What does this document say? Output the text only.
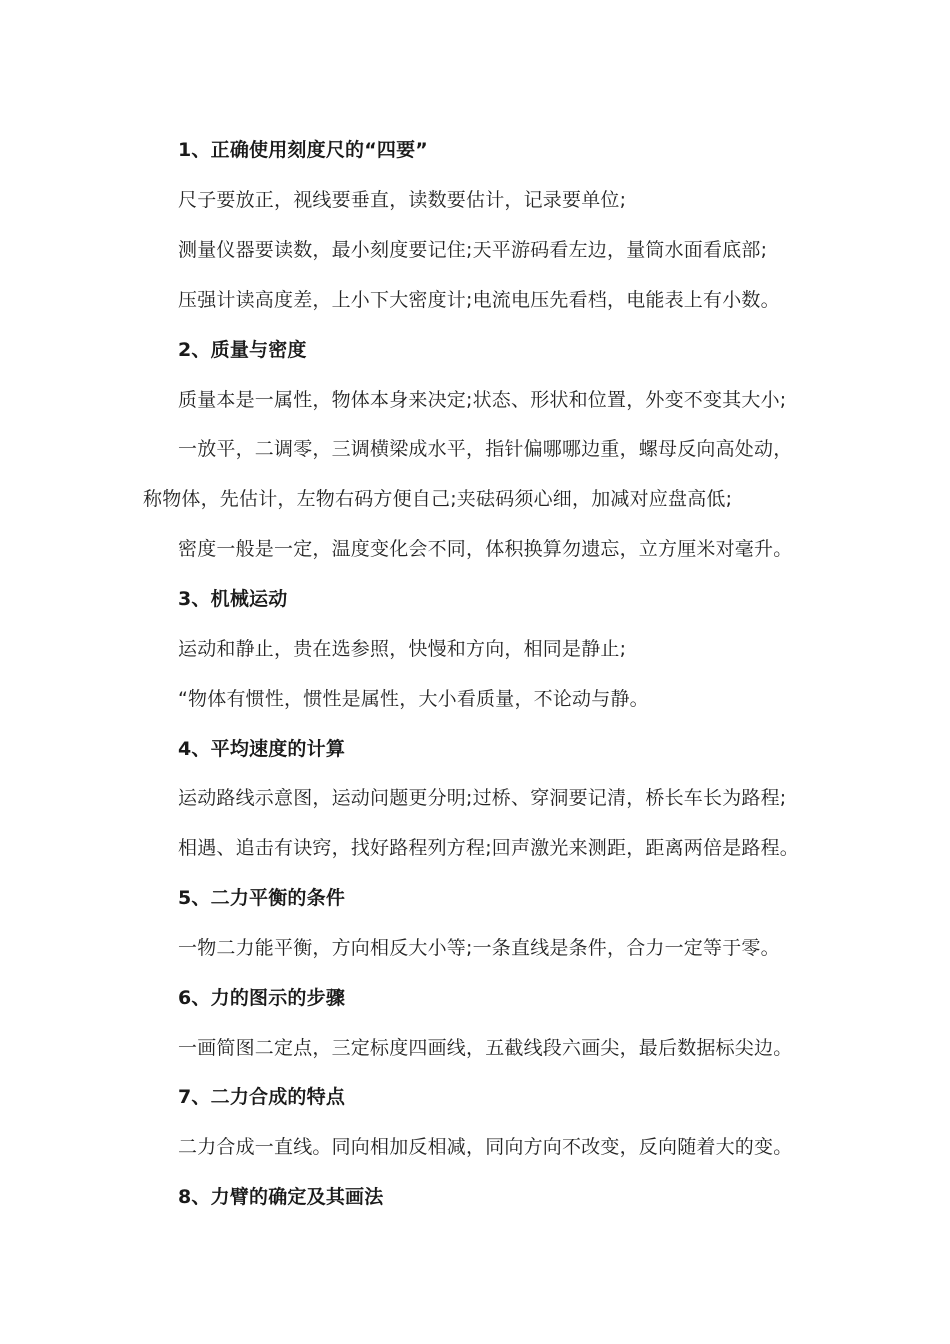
1、正确使用刻度尺的“四要”
尺子要放正，视线要垂直，读数要估计，记录要单位;
测量仪器要读数，最小刻度要记住;天平游码看左边，量筒水面看底部;
压强计读高度差，上小下大密度计;电流电压先看档，电能表上有小数。
2、质量与密度
质量本是一属性，物体本身来决定;状态、形状和位置，外变不变其大小;
一放平，二调零，三调横梁成水平，指针偏哪哪边重，螺母反向高处动，
称物体，先估计，左物右码方便自己;夹砝码须心细，加减对应盘高低;
密度一般是一定，温度变化会不同，体积换算勿遗忘，立方厘米对毫升。
3、机械运动
运动和静止，贵在选参照，快慢和方向，相同是静止;
“物体有惯性，惯性是属性，大小看质量，不论动与静。
4、平均速度的计算
运动路线示意图，运动问题更分明;过桥、穿洞要记清，桥长车长为路程;
相遇、追击有诀窍，找好路程列方程;回声激光来测距，距离两倍是路程。
5、二力平衡的条件
一物二力能平衡，方向相反大小等;一条直线是条件，合力一定等于零。
6、力的图示的步骤
一画简图二定点，三定标度四画线，五截线段六画尖，最后数据标尖边。
7、二力合成的特点
二力合成一直线。同向相加反相减，同向方向不改变，反向随着大的变。
8、力臂的确定及其画法
